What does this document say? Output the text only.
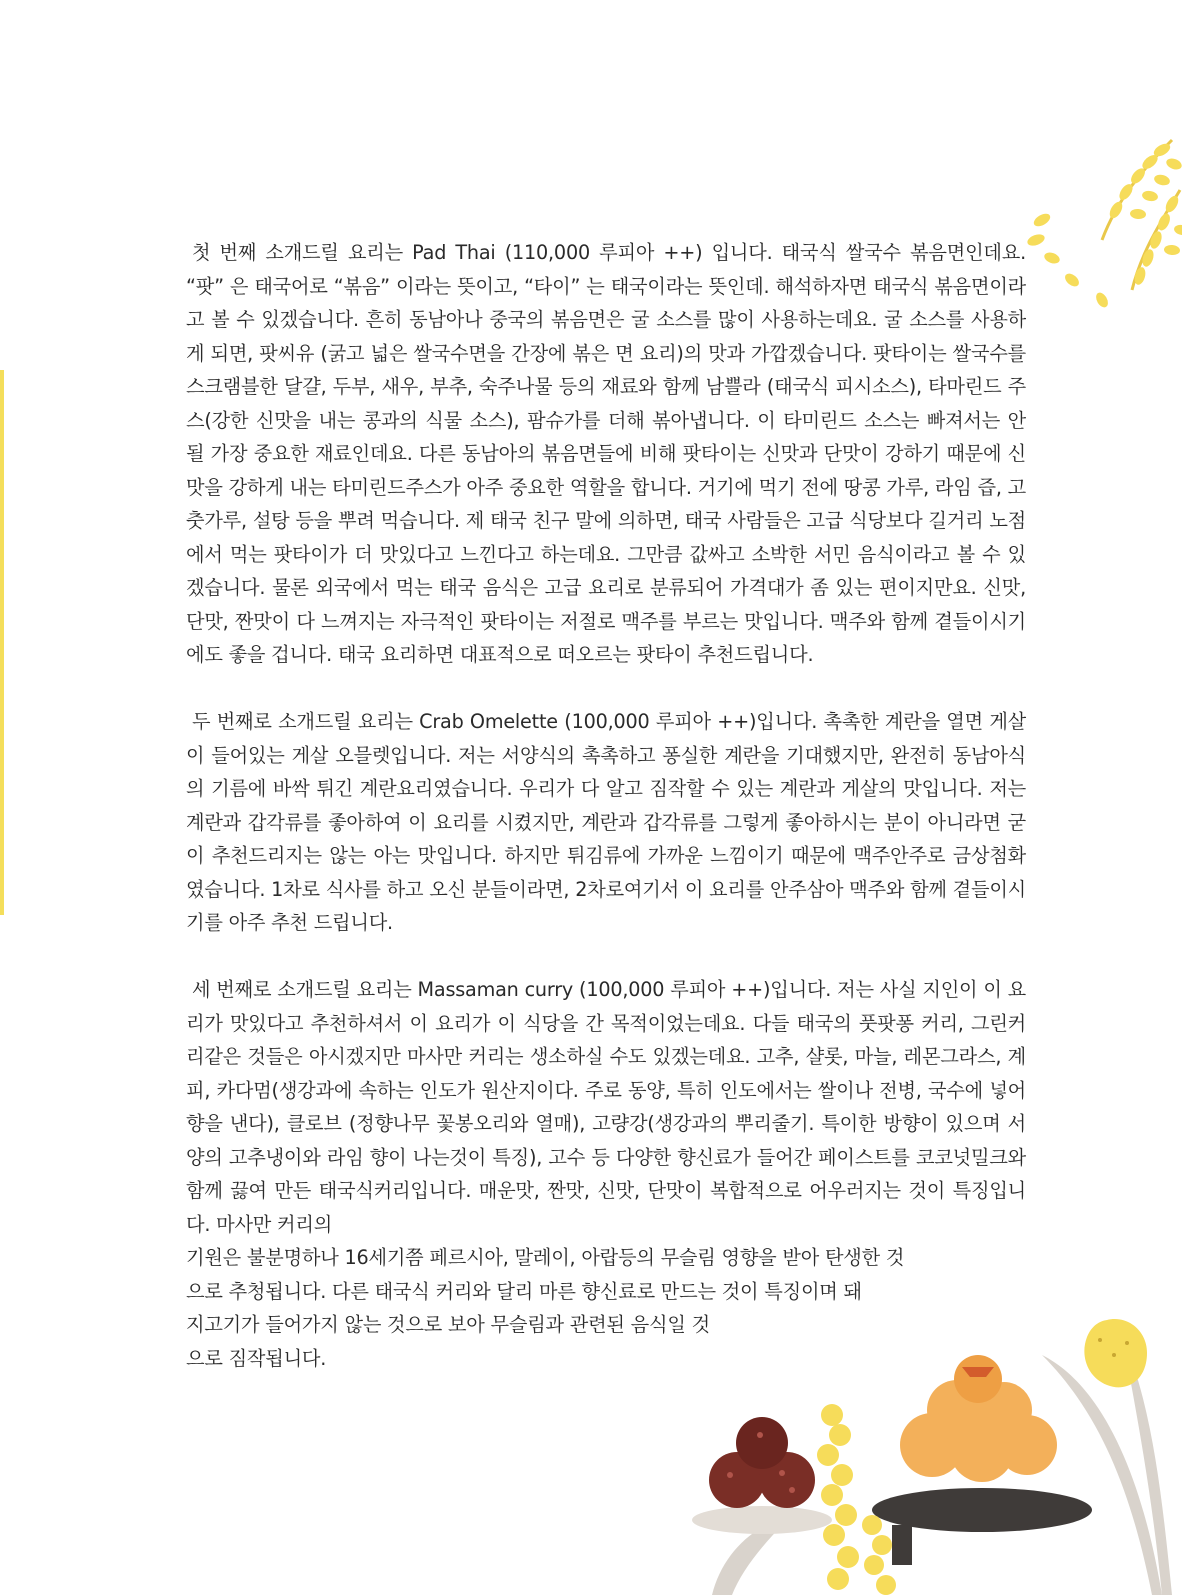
첫 번째 소개드릴 요리는 Pad Thai (110,000 루피아 ++) 입니다. 태국식 쌀국수 볶음면인데요. “팟” 은 태국어로 “볶음” 이라는 뜻이고, “타이” 는 태국이라는 뜻인데. 해석하자면 태국식 볶음면이라고 볼 수 있겠습니다. 흔히 동남아나 중국의 볶음면은 굴 소스를 많이 사용하는데요. 굴 소스를 사용하게 되면, 팟씨유 (굵고 넓은 쌀국수면을 간장에 볶은 면 요리)의 맛과 가깝겠습니다. 팟타이는 쌀국수를 스크램블한 달걀, 두부, 새우, 부추, 숙주나물 등의 재료와 함께 남쁠라 (태국식 피시소스), 타마린드 주스(강한 신맛을 내는 콩과의 식물 소스), 팜슈가를 더해 볶아냅니다. 이 타미린드 소스는 빠져서는 안 될 가장 중요한 재료인데요. 다른 동남아의 볶음면들에 비해 팟타이는 신맛과 단맛이 강하기 때문에 신맛을 강하게 내는 타미린드주스가 아주 중요한 역할을 합니다. 거기에 먹기 전에 땅콩 가루, 라임 즙, 고춧가루, 설탕 등을 뿌려 먹습니다. 제 태국 친구 말에 의하면, 태국 사람들은 고급 식당보다 길거리 노점에서 먹는 팟타이가 더 맛있다고 느낀다고 하는데요. 그만큼 값싸고 소박한 서민 음식이라고 볼 수 있겠습니다. 물론 외국에서 먹는 태국 음식은 고급 요리로 분류되어 가격대가 좀 있는 편이지만요. 신맛, 단맛, 짠맛이 다 느껴지는 자극적인 팟타이는 저절로 맥주를 부르는 맛입니다. 맥주와 함께 곁들이시기에도 좋을 겁니다. 태국 요리하면 대표적으로 떠오르는 팟타이 추천드립니다.

두 번째로 소개드릴 요리는 Crab Omelette (100,000 루피아 ++)입니다. 촉촉한 계란을 열면 게살이 들어있는 게살 오믈렛입니다. 저는 서양식의 촉촉하고 퐁실한 계란을 기대했지만, 완전히 동남아식의 기름에 바싹 튀긴 계란요리였습니다. 우리가 다 알고 짐작할 수 있는 계란과 게살의 맛입니다. 저는 계란과 갑각류를 좋아하여 이 요리를 시켰지만, 계란과 갑각류를 그렇게 좋아하시는 분이 아니라면 굳이 추천드리지는 않는 아는 맛입니다. 하지만 튀김류에 가까운 느낌이기 때문에 맥주안주로 금상첨화였습니다. 1차로 식사를 하고 오신 분들이라면, 2차로여기서 이 요리를 안주삼아 맥주와 함께 곁들이시기를 아주 추천 드립니다.

세 번째로 소개드릴 요리는 Massaman curry (100,000 루피아 ++)입니다. 저는 사실 지인이 이 요리가 맛있다고 추천하셔서 이 요리가 이 식당을 간 목적이었는데요. 다들 태국의 풋팟퐁 커리, 그린커리같은 것들은 아시겠지만 마사만 커리는 생소하실 수도 있겠는데요. 고추, 샬롯, 마늘, 레몬그라스, 계피, 카다멈(생강과에 속하는 인도가 원산지이다. 주로 동양, 특히 인도에서는 쌀이나 전병, 국수에 넣어 향을 낸다), 클로브 (정향나무 꽃봉오리와 열매), 고량강(생강과의 뿌리줄기. 특이한 방향이 있으며 서양의 고추냉이와 라임 향이 나는것이 특징), 고수 등 다양한 향신료가 들어간 페이스트를 코코넛밀크와 함께 끓여 만든 태국식커리입니다. 매운맛, 짠맛, 신맛, 단맛이 복합적으로 어우러지는 것이 특징입니다. 마사만 커리의
기원은 불분명하나 16세기쯤 페르시아, 말레이, 아랍등의 무슬림 영향을 받아 탄생한 것
으로 추청됩니다. 다른 태국식 커리와 달리 마른 향신료로 만드는 것이 특징이며 돼
지고기가 들어가지 않는 것으로 보아 무슬림과 관련된 음식일 것
으로 짐작됩니다.
